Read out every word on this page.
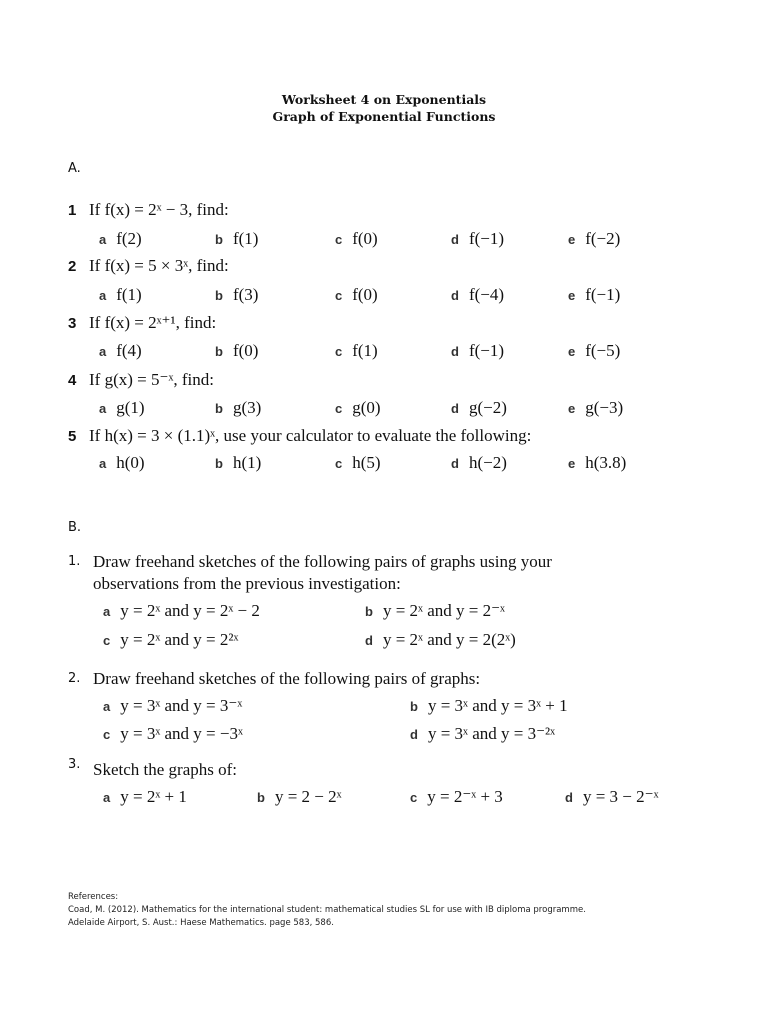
Worksheet 4 on Exponentials
Graph of Exponential Functions
A.
1 If f(x) = 2ˣ − 3, find:
a f(2)	b f(1)	c f(0)	d f(−1)	e f(−2)
2 If f(x) = 5 × 3ˣ, find:
a f(1)	b f(3)	c f(0)	d f(−4)	e f(−1)
3 If f(x) = 2ˣ⁺¹, find:
a f(4)	b f(0)	c f(1)	d f(−1)	e f(−5)
4 If g(x) = 5⁻ˣ, find:
a g(1)	b g(3)	c g(0)	d g(−2)	e g(−3)
5 If h(x) = 3 × (1.1)ˣ, use your calculator to evaluate the following:
a h(0)	b h(1)	c h(5)	d h(−2)	e h(3.8)
B.
1. Draw freehand sketches of the following pairs of graphs using your
observations from the previous investigation:
a y = 2ˣ and y = 2ˣ − 2	b y = 2ˣ and y = 2⁻ˣ
c y = 2ˣ and y = 2²ˣ	d y = 2ˣ and y = 2(2ˣ)
2. Draw freehand sketches of the following pairs of graphs:
a y = 3ˣ and y = 3⁻ˣ	b y = 3ˣ and y = 3ˣ + 1
c y = 3ˣ and y = −3ˣ	d y = 3ˣ and y = 3⁻²ˣ
3. Sketch the graphs of:
a y = 2ˣ + 1	b y = 2 − 2ˣ	c y = 2⁻ˣ + 3	d y = 3 − 2⁻ˣ
References:
Coad, M. (2012). Mathematics for the international student: mathematical studies SL for use with IB diploma programme.
Adelaide Airport, S. Aust.: Haese Mathematics. page 583, 586.
